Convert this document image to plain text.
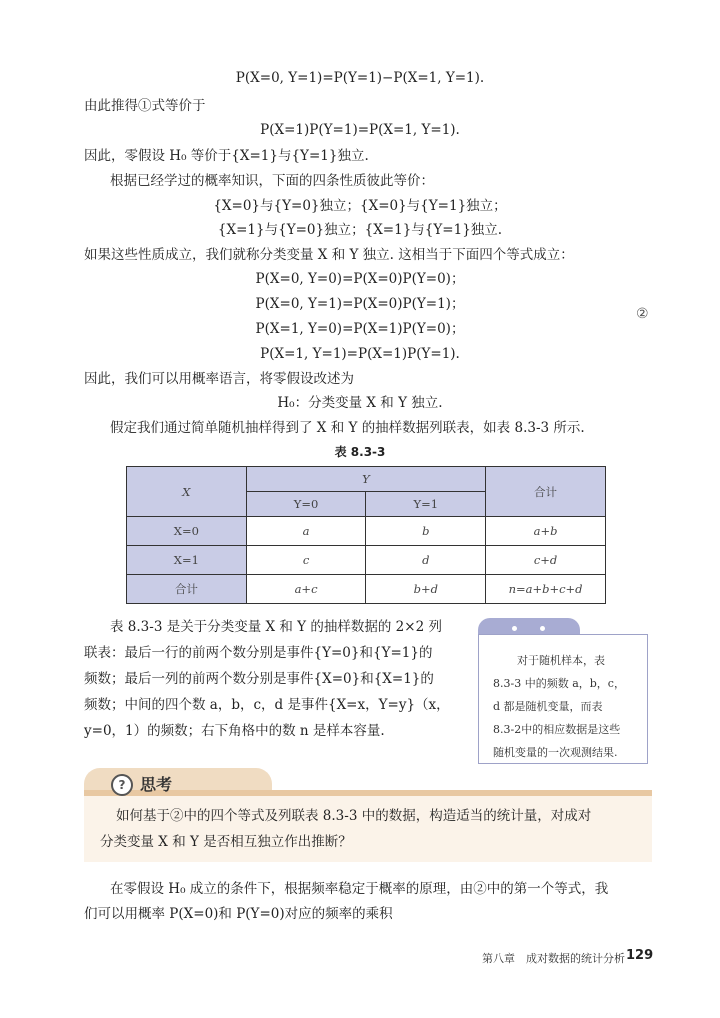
P(X=0, Y=1)=P(Y=1)−P(X=1, Y=1).
由此推得①式等价于
P(X=1)P(Y=1)=P(X=1, Y=1).
因此，零假设 H₀ 等价于{X=1}与{Y=1}独立.
根据已经学过的概率知识，下面的四条性质彼此等价：
{X=0}与{Y=0}独立；{X=0}与{Y=1}独立；
{X=1}与{Y=0}独立；{X=1}与{Y=1}独立.
如果这些性质成立，我们就称分类变量 X 和 Y 独立. 这相当于下面四个等式成立：
P(X=0, Y=0)=P(X=0)P(Y=0)；
P(X=0, Y=1)=P(X=0)P(Y=1)；
P(X=1, Y=0)=P(X=1)P(Y=0)；
P(X=1, Y=1)=P(X=1)P(Y=1).
②
因此，我们可以用概率语言，将零假设改述为
H₀：分类变量 X 和 Y 独立.
假定我们通过简单随机抽样得到了 X 和 Y 的抽样数据列联表，如表 8.3-3 所示.
表 8.3-3
X	Y		合计
	Y=0	Y=1	
X=0	a	b	a+b
X=1	c	d	c+d
合计	a+c	b+d	n=a+b+c+d
表 8.3-3 是关于分类变量 X 和 Y 的抽样数据的 2×2 列
联表：最后一行的前两个数分别是事件{Y=0}和{Y=1}的
频数；最后一列的前两个数分别是事件{X=0}和{X=1}的
频数；中间的四个数 a，b，c，d 是事件{X=x，Y=y}（x，
y=0，1）的频数；右下角格中的数 n 是样本容量.
对于随机样本，表
8.3-3 中的频数 a，b，c，
d 都是随机变量，而表
8.3-2中的相应数据是这些
随机变量的一次观测结果.
? 思考
如何基于②中的四个等式及列联表 8.3-3 中的数据，构造适当的统计量，对成对
分类变量 X 和 Y 是否相互独立作出推断？
在零假设 H₀ 成立的条件下，根据频率稳定于概率的原理，由②中的第一个等式，我
们可以用概率 P(X=0)和 P(Y=0)对应的频率的乘积
第八章　成对数据的统计分析 129
